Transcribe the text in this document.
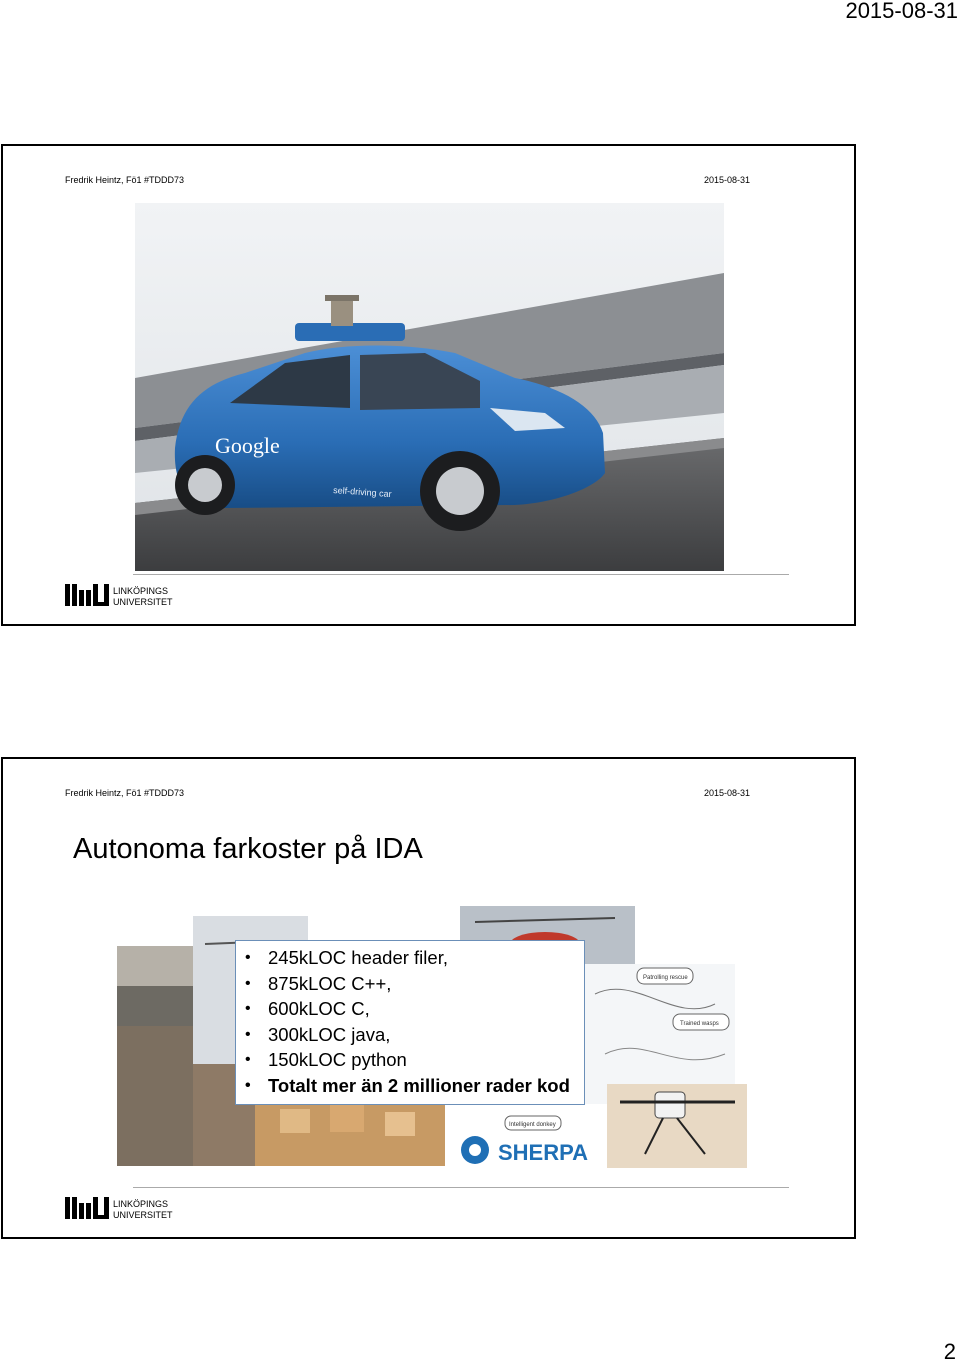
2015-08-31
Fredrik Heintz, Fö1 #TDDD73	2015-08-31
Google
self-driving car
LINKÖPINGS
UNIVERSITET
Fredrik Heintz, Fö1 #TDDD73	2015-08-31
Autonoma farkoster på IDA
Patrolling rescue
Trained wasps
Intelligent donkey
SHERPA
• 245kLOC header filer,
• 875kLOC C++,
• 600kLOC C,
• 300kLOC java,
• 150kLOC python
• Totalt mer än 2 millioner rader kod
LINKÖPINGS
UNIVERSITET
2
